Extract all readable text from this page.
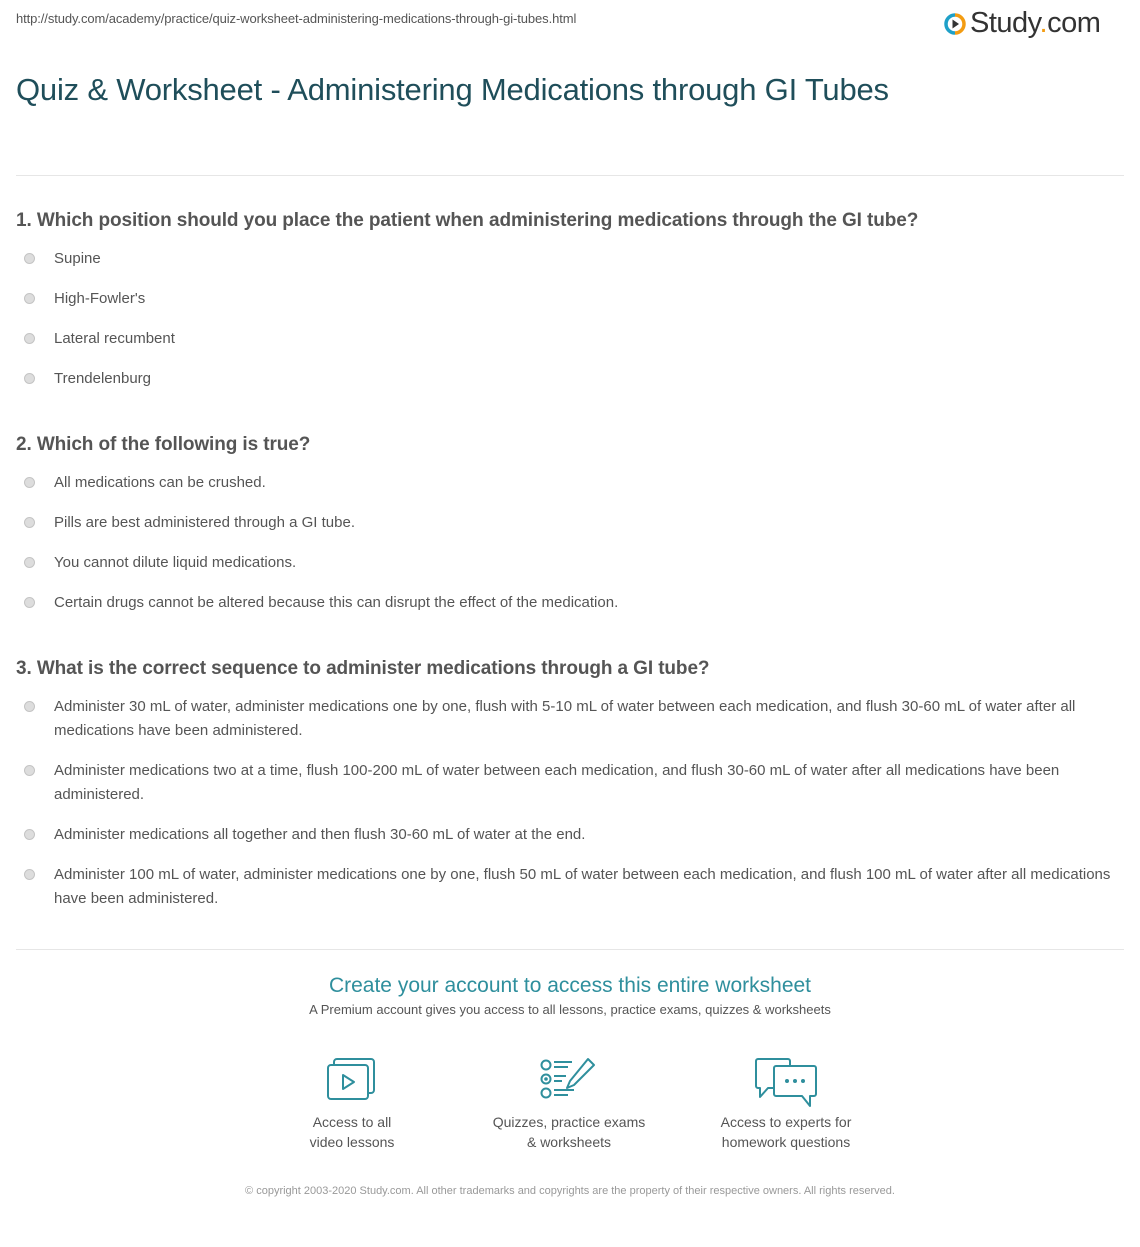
http://study.com/academy/practice/quiz-worksheet-administering-medications-through-gi-tubes.html	Study.com
Quiz & Worksheet - Administering Medications through GI Tubes
1. Which position should you place the patient when administering medications through the GI tube?
Supine
High-Fowler's
Lateral recumbent
Trendelenburg
2. Which of the following is true?
All medications can be crushed.
Pills are best administered through a GI tube.
You cannot dilute liquid medications.
Certain drugs cannot be altered because this can disrupt the effect of the medication.
3. What is the correct sequence to administer medications through a GI tube?
Administer 30 mL of water, administer medications one by one, flush with 5-10 mL of water between each medication, and flush 30-60 mL of water after all medications have been administered.
Administer medications two at a time, flush 100-200 mL of water between each medication, and flush 30-60 mL of water after all medications have been administered.
Administer medications all together and then flush 30-60 mL of water at the end.
Administer 100 mL of water, administer medications one by one, flush 50 mL of water between each medication, and flush 100 mL of water after all medications have been administered.
Create your account to access this entire worksheet
A Premium account gives you access to all lessons, practice exams, quizzes & worksheets
Access to all
video lessons
Quizzes, practice exams
& worksheets
Access to experts for
homework questions
© copyright 2003-2020 Study.com. All other trademarks and copyrights are the property of their respective owners. All rights reserved.
